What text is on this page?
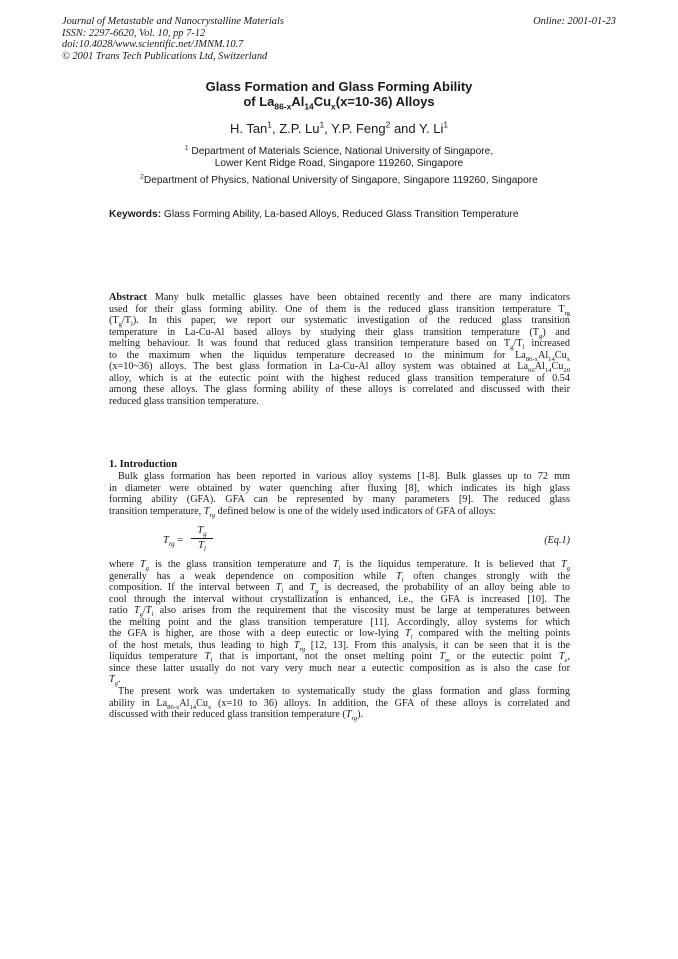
Journal of Metastable and Nanocrystalline Materials
ISSN: 2297-6620, Vol. 10, pp 7-12
doi:10.4028/www.scientific.net/JMNM.10.7
© 2001 Trans Tech Publications Ltd, Switzerland
Online: 2001-01-23
Glass Formation and Glass Forming Ability
of $La_{86-x}Al_{14}Cu_x(x=10-36)$ Alloys
H. Tan$^1$, Z.P. Lu$^1$, Y.P. Feng$^2$ and Y. Li$^1$
$^1$ Department of Materials Science, National University of Singapore,
Lower Kent Ridge Road, Singapore 119260, Singapore
$^2$Department of Physics, National University of Singapore, Singapore 119260, Singapore
Keywords: Glass Forming Ability, La-based Alloys, Reduced Glass Transition Temperature
Abstract Many bulk metallic glasses have been obtained recently and there are many indicators
used for their glass forming ability. One of them is the reduced glass transition temperature $T_{rg}$
$(T_g/T_l)$. In this paper, we report our systematic investigation of the reduced glass transition
temperature in La-Cu-Al based alloys by studying their glass transition temperature $(T_g)$ and
melting behaviour. It was found that reduced glass transition temperature based on $T_g/T_l$ increased
to the maximum when the liquidus temperature decreased to the minimum for $La_{86-x}Al_{14}Cu_x$
(x=10~36) alloys. The best glass formation in La-Cu-Al alloy system was obtained at $La_{66}Al_{14}Cu_{20}$
alloy, which is at the eutectic point with the highest reduced glass transition temperature of 0.54
among these alloys. The glass forming ability of these alloys is correlated and discussed with their
reduced glass transition temperature.
1. Introduction
Bulk glass formation has been reported in various alloy systems [1-8]. Bulk glasses up to 72 mm
in diameter were obtained by water quenching after fluxing [8], which indicates its high glass
forming ability (GFA). GFA can be represented by many parameters [9]. The reduced glass
transition temperature, $T_{rg}$ defined below is one of the widely used indicators of GFA of alloys:
$T_{rg}$ =
$T_g$
$T_l$
(Eq.1)
where $T_g$ is the glass transition temperature and $T_l$ is the liquidus temperature. It is believed that $T_g$
generally has a weak dependence on composition while $T_l$ often changes strongly with the
composition. If the interval between $T_l$ and $T_g$ is decreased, the probability of an alloy being able to
cool through the interval without crystallization is enhanced, i.e., the GFA is increased [10]. The
ratio $T_g/T_l$ also arises from the requirement that the viscosity must be large at temperatures between
the melting point and the glass transition temperature [11]. Accordingly, alloy systems for which
the GFA is higher, are those with a deep eutectic or low-lying $T_l$ compared with the melting points
of the host metals, thus leading to high $T_{rg}$ [12, 13]. From this analysis, it can be seen that it is the
liquidus temperature $T_l$ that is important, not the onset melting point $T_m$ or the eutectic point $T_e$,
since these latter usually do not vary very much near a eutectic composition as is also the case for
$T_g$.
The present work was undertaken to systematically study the glass formation and glass forming
ability in $La_{86-x}Al_{14}Cu_x$ (x=10 to 36) alloys. In addition, the GFA of these alloys is correlated and
discussed with their reduced glass transition temperature $(T_{rg})$.
